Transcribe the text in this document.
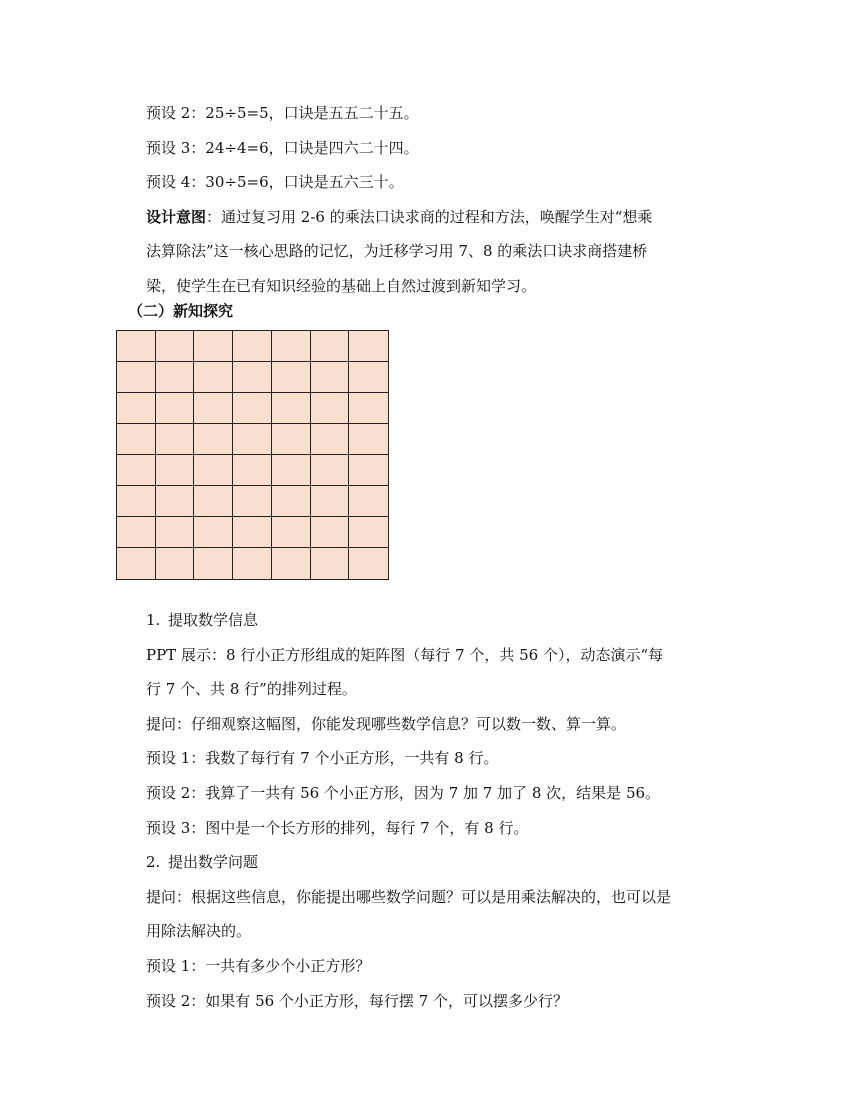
预设 2：25÷5=5，口诀是五五二十五。
预设 3：24÷4=6，口诀是四六二十四。
预设 4：30÷5=6，口诀是五六三十。
设计意图：通过复习用 2-6 的乘法口诀求商的过程和方法，唤醒学生对“想乘
法算除法”这一核心思路的记忆，为迁移学习用 7、8 的乘法口诀求商搭建桥
梁，使学生在已有知识经验的基础上自然过渡到新知学习。
（二）新知探究
1. 提取数学信息
PPT 展示：8 行小正方形组成的矩阵图（每行 7 个，共 56 个），动态演示“每
行 7 个、共 8 行”的排列过程。
提问：仔细观察这幅图，你能发现哪些数学信息？可以数一数、算一算。
预设 1：我数了每行有 7 个小正方形，一共有 8 行。
预设 2：我算了一共有 56 个小正方形，因为 7 加 7 加了 8 次，结果是 56。
预设 3：图中是一个长方形的排列，每行 7 个，有 8 行。
2. 提出数学问题
提问：根据这些信息，你能提出哪些数学问题？可以是用乘法解决的，也可以是
用除法解决的。
预设 1：一共有多少个小正方形？
预设 2：如果有 56 个小正方形，每行摆 7 个，可以摆多少行？
